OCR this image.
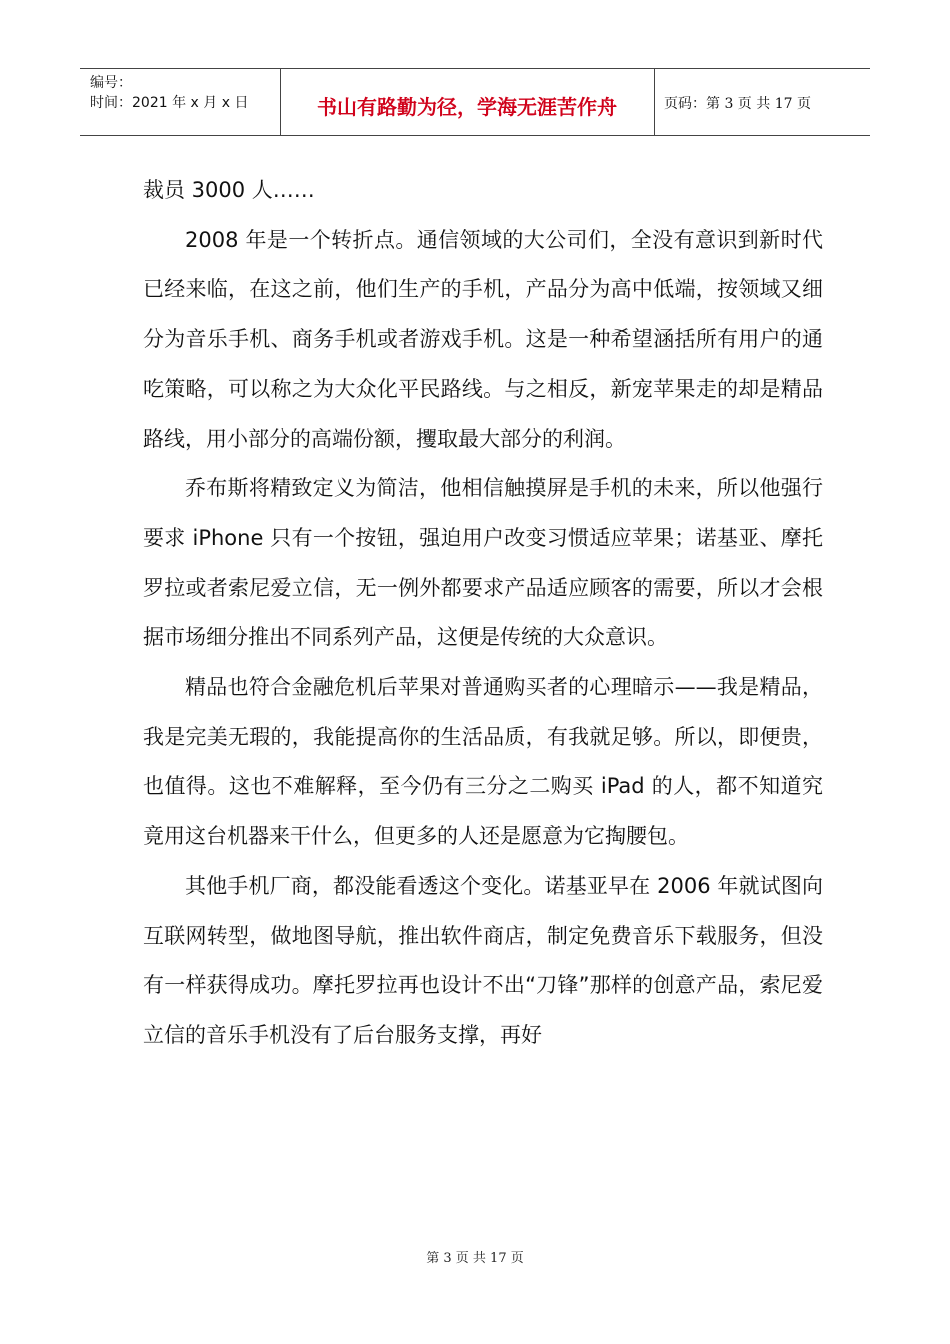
编号：
时间：2021 年 x 月 x 日	书山有路勤为径，学海无涯苦作舟	页码：第 3 页 共 17 页

裁员 3000 人……

2008 年是一个转折点。通信领域的大公司们，全没有意识到新时代已经来临，在这之前，他们生产的手机，产品分为高中低端，按领域又细分为音乐手机、商务手机或者游戏手机。这是一种希望涵括所有用户的通吃策略，可以称之为大众化平民路线。与之相反，新宠苹果走的却是精品路线，用小部分的高端份额，攫取最大部分的利润。

乔布斯将精致定义为简洁，他相信触摸屏是手机的未来，所以他强行要求 iPhone 只有一个按钮，强迫用户改变习惯适应苹果；诺基亚、摩托罗拉或者索尼爱立信，无一例外都要求产品适应顾客的需要，所以才会根据市场细分推出不同系列产品，这便是传统的大众意识。

精品也符合金融危机后苹果对普通购买者的心理暗示——我是精品，我是完美无瑕的，我能提高你的生活品质，有我就足够。所以，即便贵，也值得。这也不难解释，至今仍有三分之二购买 iPad 的人，都不知道究竟用这台机器来干什么，但更多的人还是愿意为它掏腰包。

其他手机厂商，都没能看透这个变化。诺基亚早在 2006 年就试图向互联网转型，做地图导航，推出软件商店，制定免费音乐下载服务，但没有一样获得成功。摩托罗拉再也设计不出“刀锋”那样的创意产品，索尼爱立信的音乐手机没有了后台服务支撑，再好

第 3 页 共 17 页
